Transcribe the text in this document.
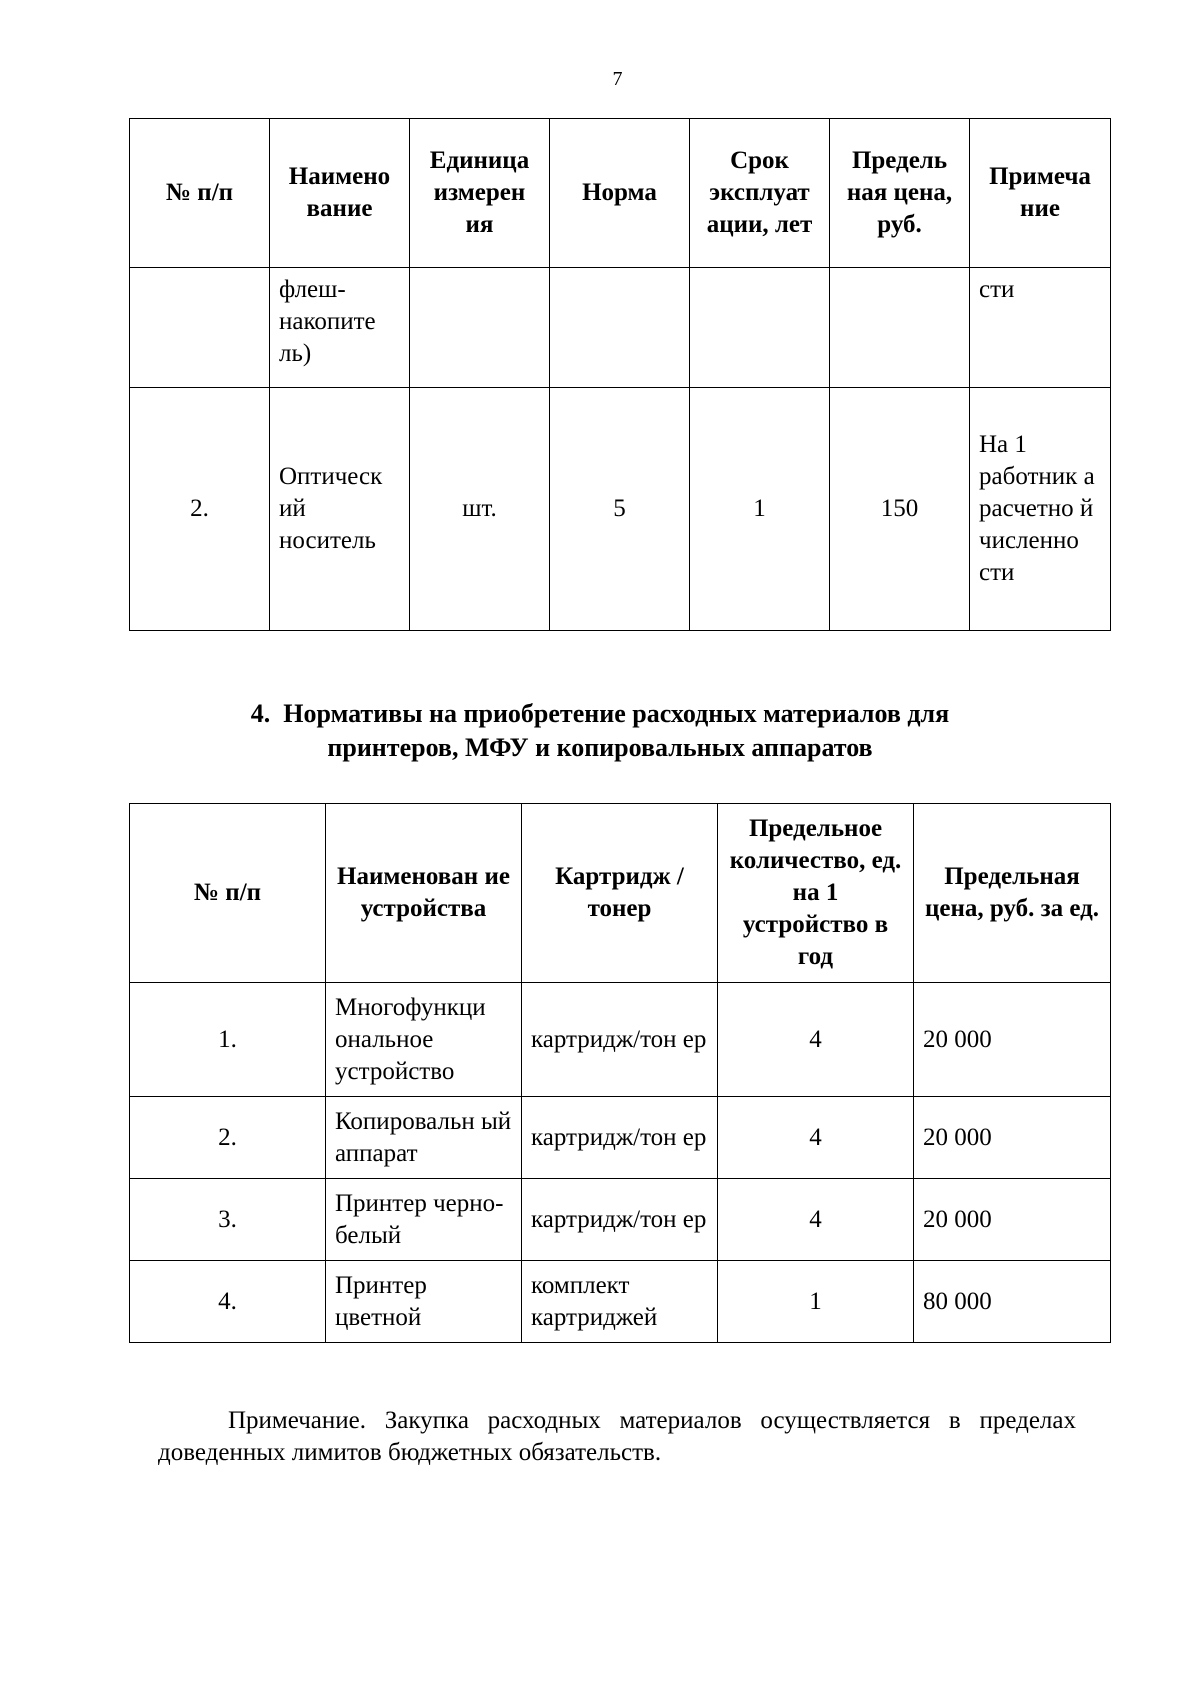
7
№ п/п	Наимено вание	Единица измерен ия	Норма	Срок эксплуат ации, лет	Предель ная цена, руб.	Примеча ние
	флеш-накопите ль)					сти
2.	Оптическ ий носитель	шт.	5	1	150	На 1 работник а расчетно й численно сти
4.  Нормативы на приобретение расходных материалов для
принтеров, МФУ и копировальных аппаратов
№ п/п	Наименован ие устройства	Картридж / тонер	Предельное количество, ед. на 1 устройство в год	Предельная цена, руб. за ед.
1.	Многофункци ональное устройство	картридж/тон ер	4	20 000
2.	Копировальн ый аппарат	картридж/тон ер	4	20 000
3.	Принтер черно-белый	картридж/тон ер	4	20 000
4.	Принтер цветной	комплект картриджей	1	80 000

Примечание. Закупка расходных материалов осуществляется в пределах доведенных лимитов бюджетных обязательств.
